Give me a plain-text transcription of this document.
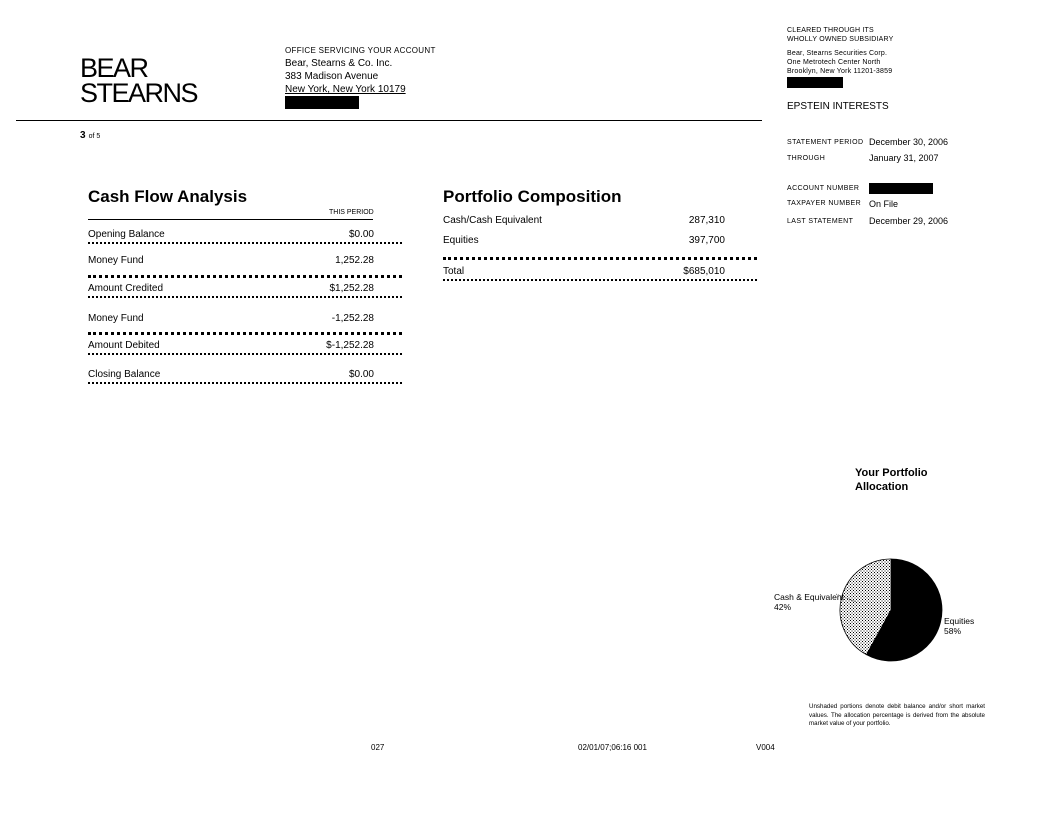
BEAR
STEARNS
OFFICE SERVICING YOUR ACCOUNT
Bear, Stearns & Co. Inc.
383 Madison Avenue
New York, New York 10179
CLEARED THROUGH ITS
WHOLLY OWNED SUBSIDIARY
Bear, Stearns Securities Corp.
One Metrotech Center North
Brooklyn, New York 11201-3859
EPSTEIN INTERESTS
3 of 5
STATEMENT PERIOD December 30, 2006
THROUGH	January 31, 2007
ACCOUNT NUMBER
TAXPAYER NUMBER On File
LAST STATEMENT December 29, 2006
Cash Flow Analysis
THIS PERIOD
Opening Balance	$0.00
Money Fund	1,252.28
Amount Credited	$1,252.28
Money Fund	-1,252.28
Amount Debited	$-1,252.28
Closing Balance	$0.00
Portfolio Composition
Cash/Cash Equivalent	287,310
Equities	397,700
Total	$685,010
Your Portfolio
Allocation
Cash & Equivalent
42%
Equities
58%
Unshaded portions denote debit balance and/or short market values. The allocation percentage is derived from the absolute market value of your portfolio.
027	02/01/07;06:16 001	V004
